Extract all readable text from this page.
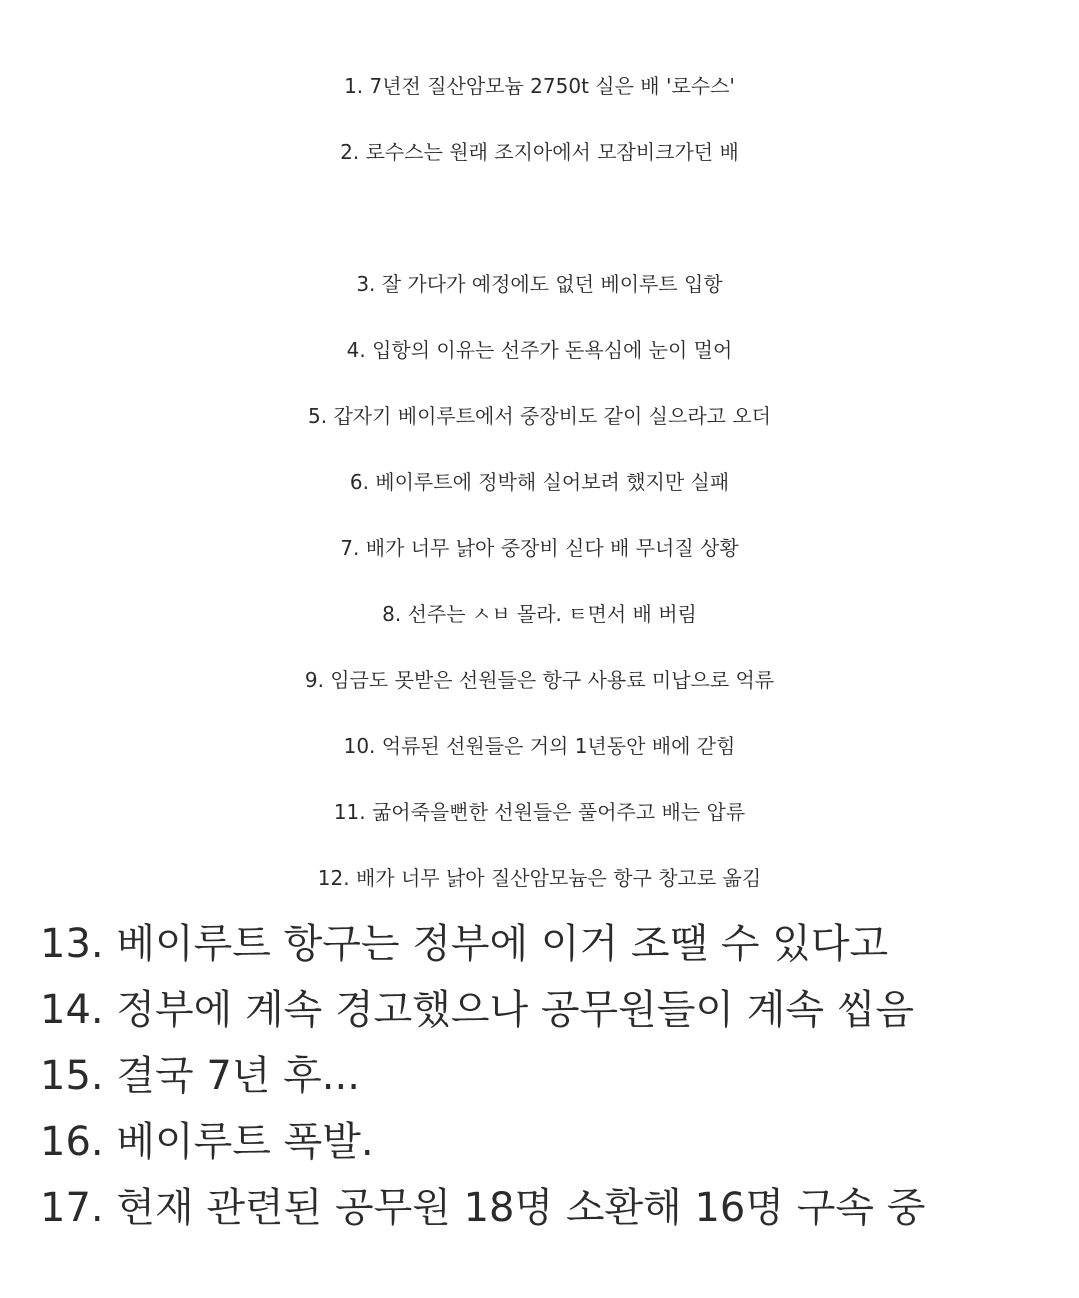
1. 7년전 질산암모늄 2750t 실은 배 '로수스'
2. 로수스는 원래 조지아에서 모잠비크가던 배
3. 잘 가다가 예정에도 없던 베이루트 입항
4. 입항의 이유는 선주가 돈욕심에 눈이 멀어
5. 갑자기 베이루트에서 중장비도 같이 실으라고 오더
6. 베이루트에 정박해 실어보려 했지만 실패
7. 배가 너무 낡아 중장비 싣다 배 무너질 상황
8. 선주는 ㅅㅂ 몰라. ㅌ면서 배 버림
9. 임금도 못받은 선원들은 항구 사용료 미납으로 억류
10. 억류된 선원들은 거의 1년동안 배에 갇힘
11. 굶어죽을뻔한 선원들은 풀어주고 배는 압류
12. 배가 너무 낡아 질산암모늄은 항구 창고로 옮김
13. 베이루트 항구는 정부에 이거 조땔 수 있다고
14. 정부에 계속 경고했으나 공무원들이 계속 씹음
15. 결국 7년 후...
16. 베이루트 폭발.
17. 현재 관련된 공무원 18명 소환해 16명 구속 중
